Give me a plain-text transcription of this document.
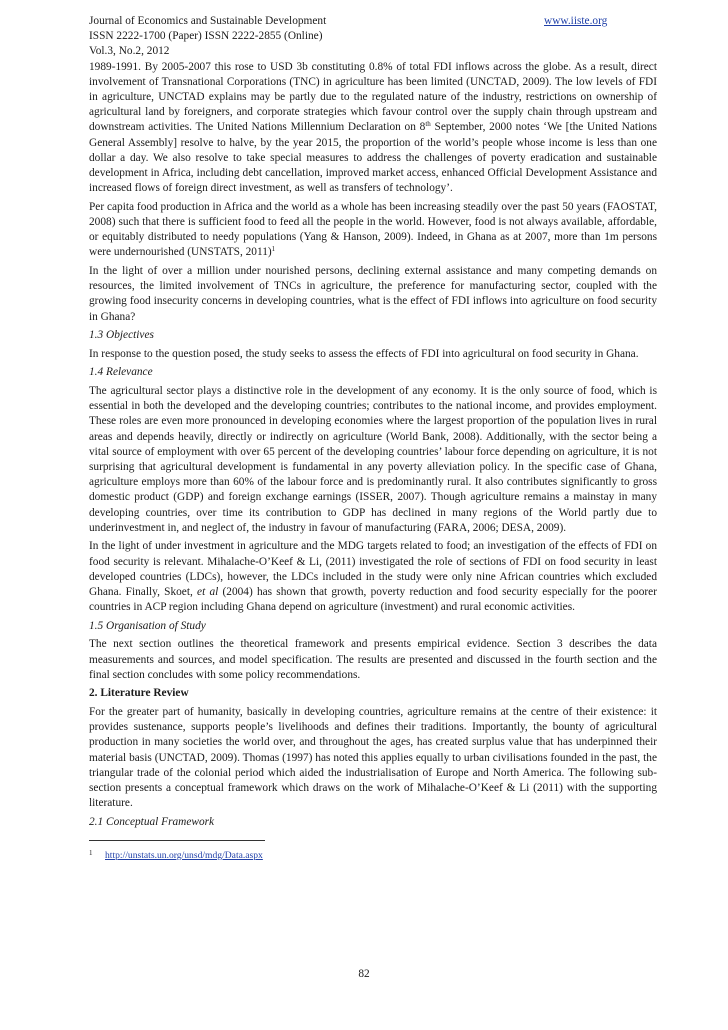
Journal of Economics and Sustainable Development	www.iiste.org
ISSN 2222-1700 (Paper) ISSN 2222-2855 (Online)
Vol.3, No.2, 2012

1989-1991. By 2005-2007 this rose to USD 3b constituting 0.8% of total FDI inflows across the globe. As a result, direct involvement of Transnational Corporations (TNC) in agriculture has been limited (UNCTAD, 2009). The low levels of FDI in agriculture, UNCTAD explains may be partly due to the regulated nature of the industry, restrictions on ownership of agricultural land by foreigners, and corporate strategies which favour control over the supply chain through upstream and downstream activities. The United Nations Millennium Declaration on 8th September, 2000 notes ‘We [the United Nations General Assembly] resolve to halve, by the year 2015, the proportion of the world’s people whose income is less than one dollar a day. We also resolve to take special measures to address the challenges of poverty eradication and sustainable development in Africa, including debt cancellation, improved market access, enhanced Official Development Assistance and increased flows of foreign direct investment, as well as transfers of technology’.

Per capita food production in Africa and the world as a whole has been increasing steadily over the past 50 years (FAOSTAT, 2008) such that there is sufficient food to feed all the people in the world. However, food is not always available, affordable, or equitably distributed to needy populations (Yang & Hanson, 2009). Indeed, in Ghana as at 2007, more than 1m persons were undernourished (UNSTATS, 2011)$^1$

In the light of over a million under nourished persons, declining external assistance and many competing demands on resources, the limited involvement of TNCs in agriculture, the preference for manufacturing sector, coupled with the growing food insecurity concerns in developing countries, what is the effect of FDI inflows into agriculture on food security in Ghana?

1.3 Objectives

In response to the question posed, the study seeks to assess the effects of FDI into agricultural on food security in Ghana.

1.4 Relevance

The agricultural sector plays a distinctive role in the development of any economy. It is the only source of food, which is essential in both the developed and the developing countries; contributes to the national income, and provides employment. These roles are even more pronounced in developing economies where the largest proportion of the population lives in rural areas and depends heavily, directly or indirectly on agriculture (World Bank, 2008). Additionally, with the sector being a vital source of employment with over 65 percent of the developing countries’ labour force depending on agriculture, it is not surprising that agricultural development is fundamental in any poverty alleviation policy. In the specific case of Ghana, agriculture employs more than 60% of the labour force and is predominantly rural. It also contributes significantly to gross domestic product (GDP) and foreign exchange earnings (ISSER, 2007). Though agriculture remains a mainstay in many developing countries, over time its contribution to GDP has declined in many regions of the World partly due to underinvestment in, and neglect of, the industry in favour of manufacturing (FARA, 2006; DESA, 2009).

In the light of under investment in agriculture and the MDG targets related to food; an investigation of the effects of FDI on food security is relevant. Mihalache-O’Keef & Li, (2011) investigated the role of sections of FDI on food security in least developed countries (LDCs), however, the LDCs included in the study were only nine African countries which excluded Ghana. Finally, Skoet, et al (2004) has shown that growth, poverty reduction and food security especially for the poorer countries in ACP region including Ghana depend on agriculture (investment) and rural economic activities.

1.5 Organisation of Study

The next section outlines the theoretical framework and presents empirical evidence. Section 3 describes the data measurements and sources, and model specification. The results are presented and discussed in the fourth section and the final section concludes with some policy recommendations.

2. Literature Review

For the greater part of humanity, basically in developing countries, agriculture remains at the centre of their existence: it provides sustenance, supports people’s livelihoods and defines their traditions. Importantly, the bounty of agricultural production in many societies the world over, and throughout the ages, has created surplus value that has underpinned their material basis (UNCTAD, 2009). Thomas (1997) has noted this applies equally to urban civilisations founded in the past, the triangular trade of the colonial period which aided the industrialisation of Europe and North America. The following sub-section presents a conceptual framework which draws on the work of Mihalache-O’Keef & Li (2011) with the supporting literature.

2.1 Conceptual Framework
1 http://unstats.un.org/unsd/mdg/Data.aspx
82
